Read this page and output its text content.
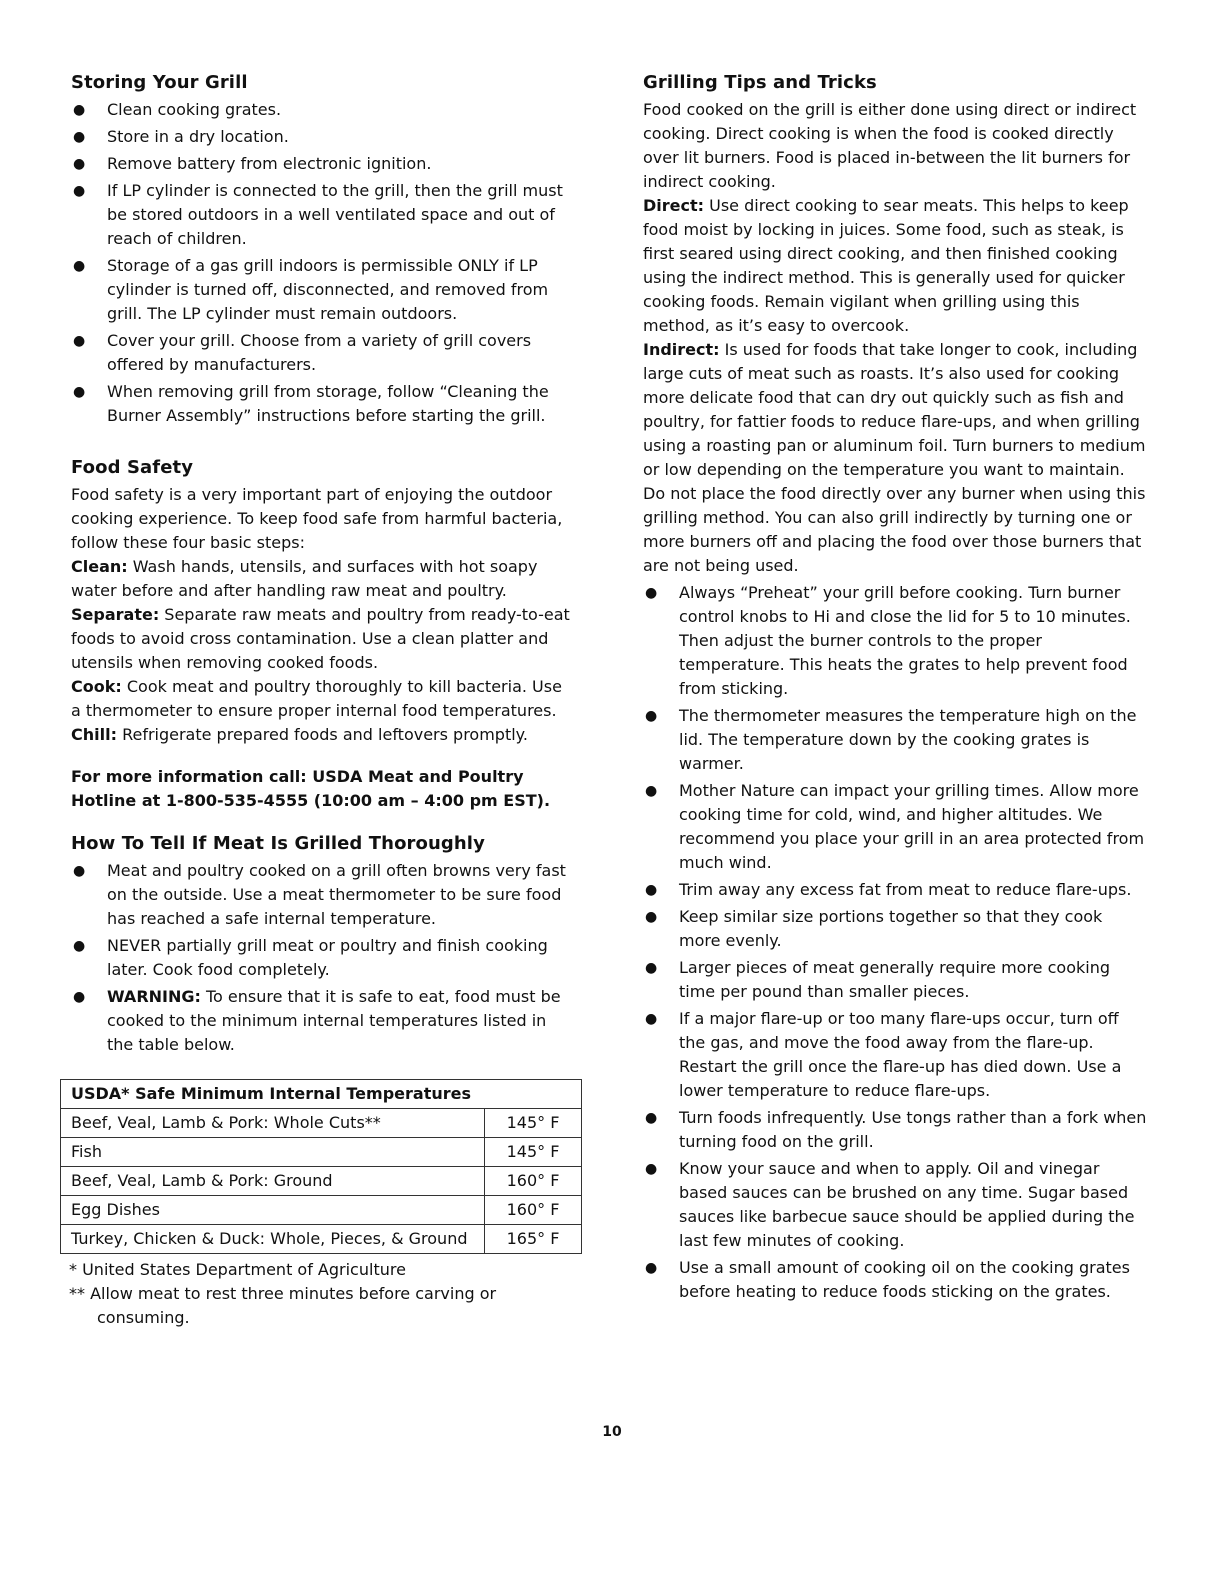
Storing Your Grill
● Clean cooking grates.
● Store in a dry location.
● Remove battery from electronic ignition.
● If LP cylinder is connected to the grill, then the grill must be stored outdoors in a well ventilated space and out of reach of children.
● Storage of a gas grill indoors is permissible ONLY if LP cylinder is turned off, disconnected, and removed from grill. The LP cylinder must remain outdoors.
● Cover your grill. Choose from a variety of grill covers offered by manufacturers.
● When removing grill from storage, follow “Cleaning the Burner Assembly” instructions before starting the grill.
Food Safety

Food safety is a very important part of enjoying the outdoor cooking experience. To keep food safe from harmful bacteria, follow these four basic steps:

Clean: Wash hands, utensils, and surfaces with hot soapy water before and after handling raw meat and poultry.

Separate: Separate raw meats and poultry from ready-to-eat foods to avoid cross contamination. Use a clean platter and utensils when removing cooked foods.

Cook: Cook meat and poultry thoroughly to kill bacteria. Use a thermometer to ensure proper internal food temperatures.

Chill: Refrigerate prepared foods and leftovers promptly.

For more information call: USDA Meat and Poultry

Hotline at 1-800-535-4555 (10:00 am – 4:00 pm EST).

How To Tell If Meat Is Grilled Thoroughly
● Meat and poultry cooked on a grill often browns very fast on the outside. Use a meat thermometer to be sure food has reached a safe internal temperature.
● NEVER partially grill meat or poultry and finish cooking later. Cook food completely.
● WARNING: To ensure that it is safe to eat, food must be cooked to the minimum internal temperatures listed in the table below.
USDA* Safe Minimum Internal Temperatures	
Beef, Veal, Lamb & Pork: Whole Cuts**	145° F
Fish	145° F
Beef, Veal, Lamb & Pork: Ground	160° F
Egg Dishes	160° F
Turkey, Chicken & Duck: Whole, Pieces, & Ground	165° F

* United States Department of Agriculture

** Allow meat to rest three minutes before carving or consuming.

Grilling Tips and Tricks

Food cooked on the grill is either done using direct or indirect cooking. Direct cooking is when the food is cooked directly over lit burners. Food is placed in-between the lit burners for indirect cooking.

Direct: Use direct cooking to sear meats. This helps to keep food moist by locking in juices. Some food, such as steak, is first seared using direct cooking, and then finished cooking using the indirect method. This is generally used for quicker cooking foods. Remain vigilant when grilling using this method, as it’s easy to overcook.

Indirect: Is used for foods that take longer to cook, including large cuts of meat such as roasts. It’s also used for cooking more delicate food that can dry out quickly such as fish and poultry, for fattier foods to reduce flare-ups, and when grilling using a roasting pan or aluminum foil. Turn burners to medium or low depending on the temperature you want to maintain. Do not place the food directly over any burner when using this grilling method. You can also grill indirectly by turning one or more burners off and placing the food over those burners that are not being used.

● Always “Preheat” your grill before cooking. Turn burner control knobs to Hi and close the lid for 5 to 10 minutes. Then adjust the burner controls to the proper temperature. This heats the grates to help prevent food from sticking.
● The thermometer measures the temperature high on the lid. The temperature down by the cooking grates is warmer.
● Mother Nature can impact your grilling times. Allow more cooking time for cold, wind, and higher altitudes. We recommend you place your grill in an area protected from much wind.
● Trim away any excess fat from meat to reduce flare-ups.
● Keep similar size portions together so that they cook more evenly.
● Larger pieces of meat generally require more cooking time per pound than smaller pieces.
● If a major flare-up or too many flare-ups occur, turn off the gas, and move the food away from the flare-up. Restart the grill once the flare-up has died down. Use a lower temperature to reduce flare-ups.
● Turn foods infrequently. Use tongs rather than a fork when turning food on the grill.
● Know your sauce and when to apply. Oil and vinegar based sauces can be brushed on any time. Sugar based sauces like barbecue sauce should be applied during the last few minutes of cooking.
● Use a small amount of cooking oil on the cooking grates before heating to reduce foods sticking on the grates.
10
